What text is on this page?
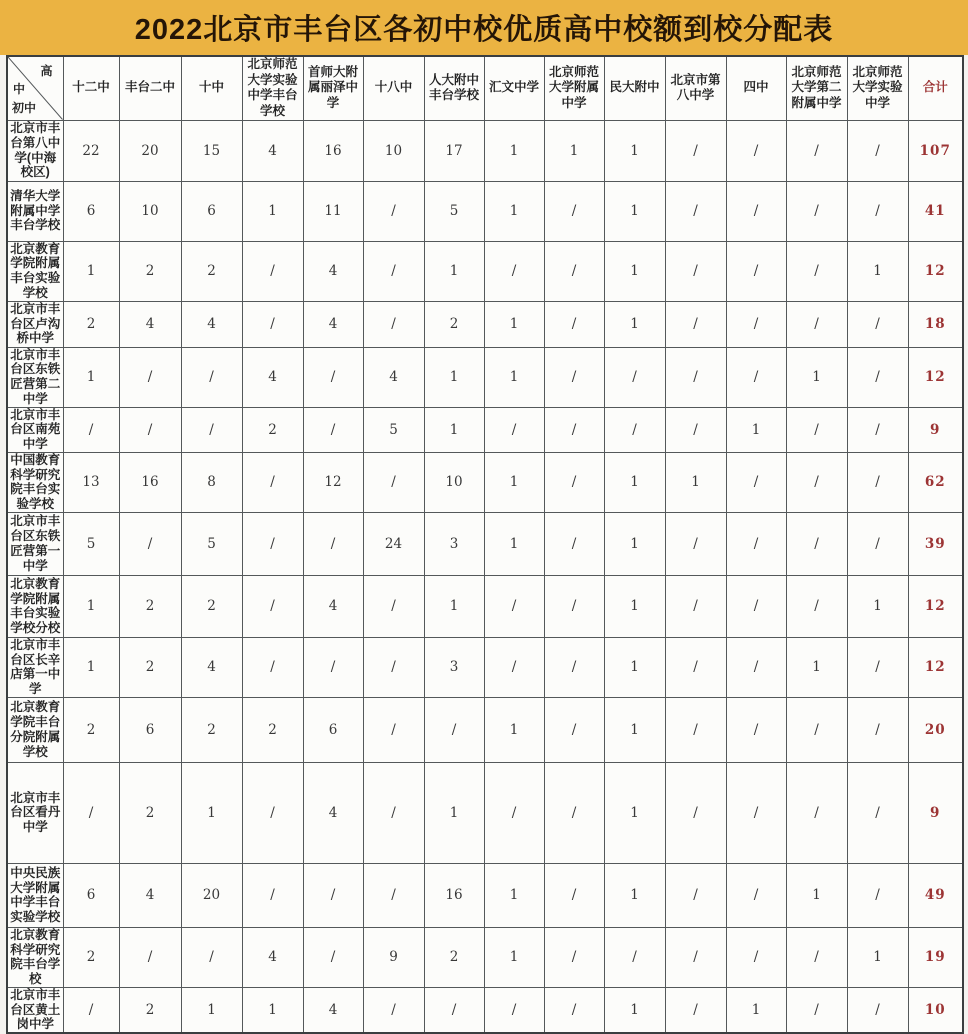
2022北京市丰台区各初中校优质高中校额到校分配表
高
中
初中	十二中	丰台二中	十中	北京师范大学实验中学丰台学校	首师大附属丽泽中学	十八中	人大附中丰台学校	汇文中学	北京师范大学附属中学	民大附中	北京市第八中学	四中	北京师范大学第二附属中学	北京师范大学实验中学	合计
北京市丰台第八中学(中海校区)	22	20	15	4	16	10	17	1	1	1	/	/	/	/	107
清华大学附属中学丰台学校	6	10	6	1	11	/	5	1	/	1	/	/	/	/	41
北京教育学院附属丰台实验学校	1	2	2	/	4	/	1	/	/	1	/	/	/	1	12
北京市丰台区卢沟桥中学	2	4	4	/	4	/	2	1	/	1	/	/	/	/	18
北京市丰台区东铁匠营第二中学	1	/	/	4	/	4	1	1	/	/	/	/	1	/	12
北京市丰台区南苑中学	/	/	/	2	/	5	1	/	/	/	/	1	/	/	9
中国教育科学研究院丰台实验学校	13	16	8	/	12	/	10	1	/	1	1	/	/	/	62
北京市丰台区东铁匠营第一中学	5	/	5	/	/	24	3	1	/	1	/	/	/	/	39
北京教育学院附属丰台实验学校分校	1	2	2	/	4	/	1	/	/	1	/	/	/	1	12
北京市丰台区长辛店第一中学	1	2	4	/	/	/	3	/	/	1	/	/	1	/	12
北京教育学院丰台分院附属学校	2	6	2	2	6	/	/	1	/	1	/	/	/	/	20
北京市丰台区看丹中学	/	2	1	/	4	/	1	/	/	1	/	/	/	/	9
中央民族大学附属中学丰台实验学校	6	4	20	/	/	/	16	1	/	1	/	/	1	/	49
北京教育科学研究院丰台学校	2	/	/	4	/	9	2	1	/	/	/	/	/	1	19
北京市丰台区黄土岗中学	/	2	1	1	4	/	/	/	/	1	/	1	/	/	10
